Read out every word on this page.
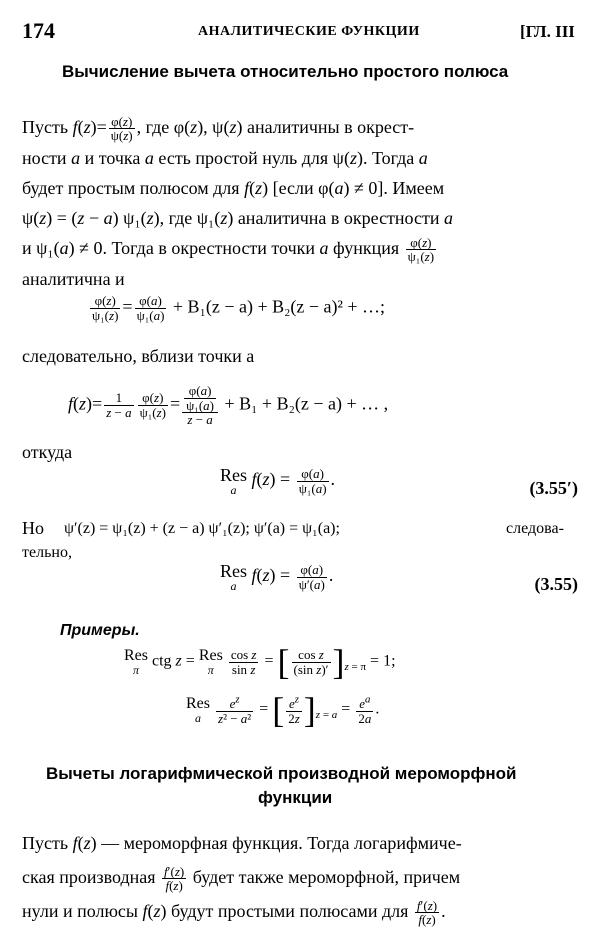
174	АНАЛИТИЧЕСКИЕ ФУНКЦИИ	[ГЛ. III
Вычисление вычета относительно простого полюса
Пусть $f(z)= \frac{\varphi(z)}{\psi(z)}$ , где φ(z), ψ(z) аналитичны в окрест-
ности a и точка a есть простой нуль для ψ(z). Тогда a
будет простым полюсом для f(z) [если φ(a) ≠ 0]. Имеем
ψ(z) = (z − a) ψ₁(z), где ψ₁(z) аналитична в окрестности a
и ψ₁(a) ≠ 0. Тогда в окрестности точки a функция $\frac{\varphi(z)}{\text{ψ₁(z)}}$
аналитична и
$\frac{\varphi(z)}{\text{ψ₁(z)}} = \frac{\varphi(a)}{\text{ψ₁(a)}} + B_1(z - a) + B_2(z - a)^2$ + …;
следовательно, вблизи точки a
$f(z)= \frac{1}{z - a} \frac{\varphi(z)}{\text{ψ₁(z)}} = \frac{\frac{\varphi(a)}{\text{ψ₁(a)}}}{z - a} + B_1 + B_2(z - a)$ + … ,
откуда
Res
a
$f(z) = \frac{\varphi(a)}{\text{ψ₁(a)}}$ .	(3.55′)
Но ψ′(z) = ψ₁(z) + (z − a) ψ′₁(z); ψ′(a) = ψ₁(a);	следова-
тельно,
Res
a
$f(z) = \frac{\varphi(a)}{\psi'(a)}$ .	(3.55)
Примеры.
Res
π
ctg z = Res
π
	$\frac{\text{cos z}}{\text{sin z}}$ = [ $\frac{\text{cos z}}{\text{(sin z)′}} ]_{z = \pi} = 1$;
Res
a
	$\frac{e^z}{\text{z² − a²}}$ = [ $\frac{e^z}{2z} ]_{z = a} = \frac{e^a}{2a}$ .
Вычеты логарифмической производной мероморфной
функции
Пусть f(z) — мероморфная функция. Тогда логарифмиче-
ская производная $\frac{f'(z)}{f(z)}$ будет также мероморфной, причем
нули и полюсы f(z) будут простыми полюсами для $\frac{f'(z)}{f(z)}$ .
